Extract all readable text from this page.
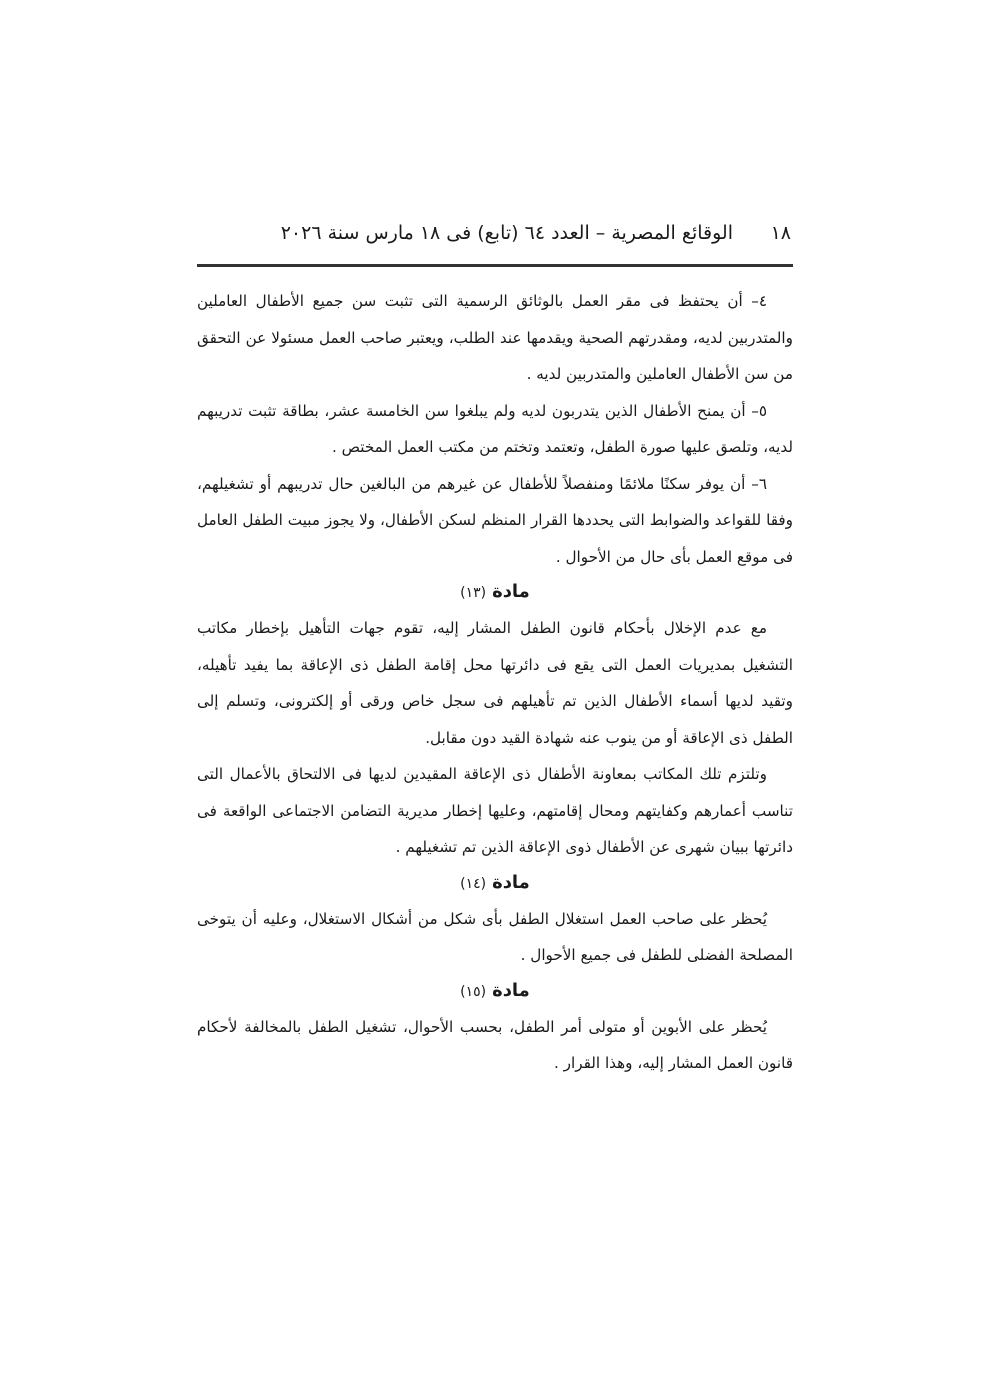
١٨
الوقائع المصرية – العدد ٦٤ (تابع) فى ١٨ مارس سنة ٢٠٢٦

٤– أن يحتفظ فى مقر العمل بالوثائق الرسمية التى تثبت سن جميع الأطفال العاملين والمتدربين لديه، ومقدرتهم الصحية ويقدمها عند الطلب، ويعتبر صاحب العمل مسئولا عن التحقق من سن الأطفال العاملين والمتدربين لديه .

٥– أن يمنح الأطفال الذين يتدربون لديه ولم يبلغوا سن الخامسة عشر، بطاقة تثبت تدريبهم لديه، وتلصق عليها صورة الطفل، وتعتمد وتختم من مكتب العمل المختص .

٦– أن يوفر سكنًا ملائمًا ومنفصلاً للأطفال عن غيرهم من البالغين حال تدريبهم أو تشغيلهم، وفقا للقواعد والضوابط التى يحددها القرار المنظم لسكن الأطفال، ولا يجوز مبيت الطفل العامل فى موقع العمل بأى حال من الأحوال .

مادة (١٣)

مع عدم الإخلال بأحكام قانون الطفل المشار إليه، تقوم جهات التأهيل بإخطار مكاتب التشغيل بمديريات العمل التى يقع فى دائرتها محل إقامة الطفل ذى الإعاقة بما يفيد تأهيله، وتقيد لديها أسماء الأطفال الذين تم تأهيلهم فى سجل خاص ورقى أو إلكترونى، وتسلم إلى الطفل ذى الإعاقة أو من ينوب عنه شهادة القيد دون مقابل.

وتلتزم تلك المكاتب بمعاونة الأطفال ذى الإعاقة المقيدين لديها فى الالتحاق بالأعمال التى تناسب أعمارهم وكفايتهم ومحال إقامتهم، وعليها إخطار مديرية التضامن الاجتماعى الواقعة فى دائرتها ببيان شهرى عن الأطفال ذوى الإعاقة الذين تم تشغيلهم .

مادة (١٤)

يُحظر على صاحب العمل استغلال الطفل بأى شكل من أشكال الاستغلال، وعليه أن يتوخى المصلحة الفضلى للطفل فى جميع الأحوال .

مادة (١٥)

يُحظر على الأبوين أو متولى أمر الطفل، بحسب الأحوال، تشغيل الطفل بالمخالفة لأحكام قانون العمل المشار إليه، وهذا القرار .
